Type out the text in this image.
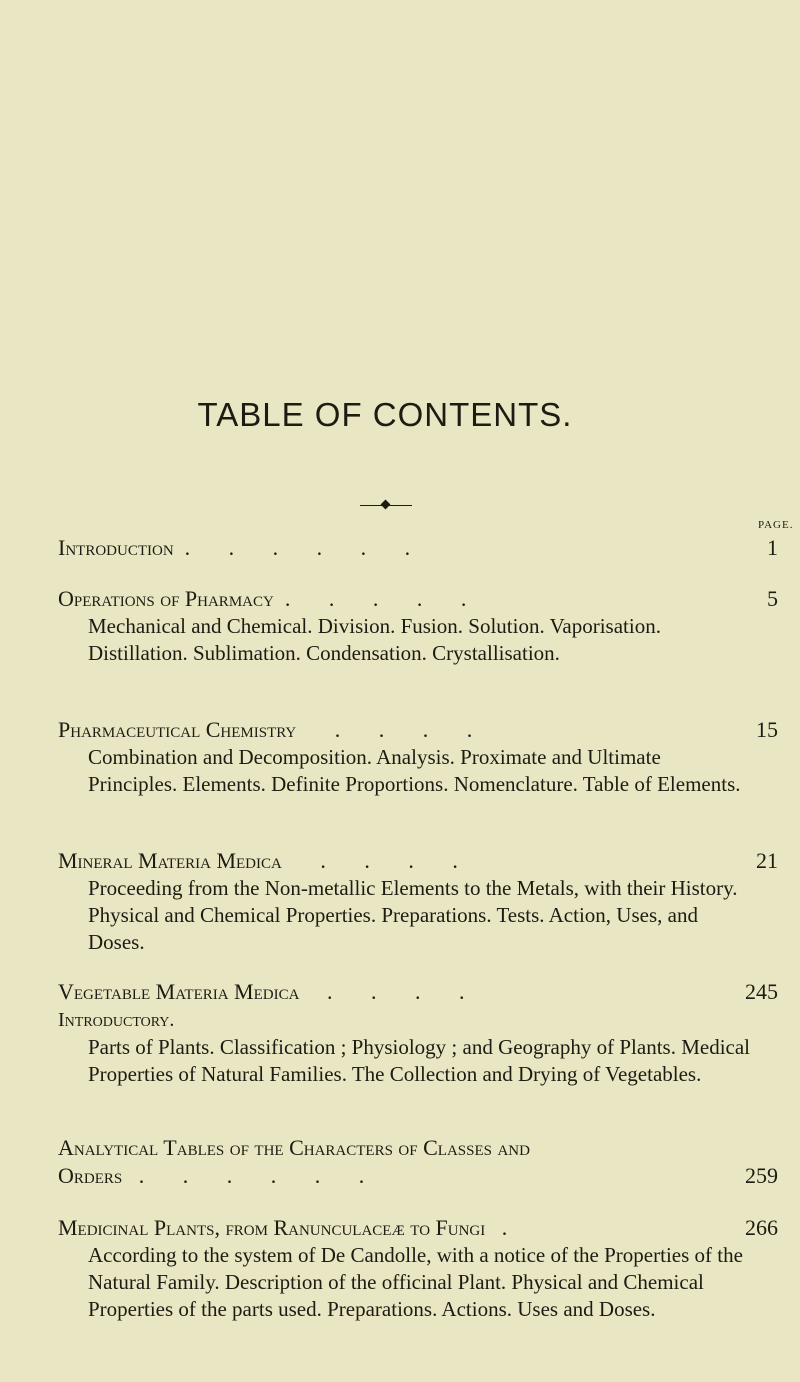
TABLE OF CONTENTS.
PAGE.
Introduction  .       .       .       .       .       .	1
Operations of Pharmacy  .       .       .       .       .	5
Mechanical and Chemical. Division. Fusion. Solution. Vaporisation. Distillation. Sublimation. Condensation. Crystallisation.
Pharmaceutical Chemistry       .       .       .       .	15
Combination and Decomposition. Analysis. Proximate and Ultimate Principles. Elements. Definite Proportions. Nomenclature. Table of Elements.
Mineral Materia Medica       .       .       .       .	21
Proceeding from the Non-metallic Elements to the Metals, with their History. Physical and Chemical Properties. Preparations. Tests. Action, Uses, and Doses.
Vegetable Materia Medica     .       .       .       .	245
Introductory.
Parts of Plants. Classification ; Physiology ; and Geography of Plants. Medical Properties of Natural Families. The Collection and Drying of Vegetables.
Analytical Tables of the Characters of Classes and
Orders   .       .       .       .       .       .	259
Medicinal Plants, from Ranunculaceæ to Fungi   .	266
According to the system of De Candolle, with a notice of the Properties of the Natural Family. Description of the officinal Plant. Physical and Chemical Properties of the parts used. Preparations. Actions. Uses and Doses.
